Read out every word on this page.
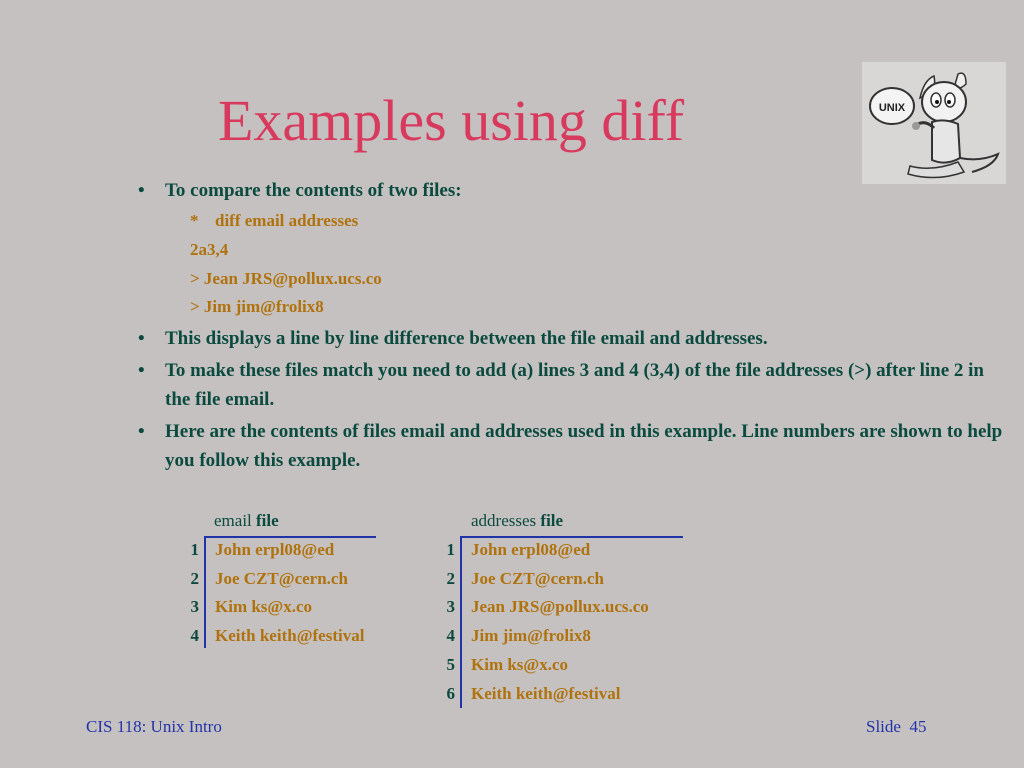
Examples using diff	UNIX
• To compare the contents of two files:
* diff email addresses
2a3,4
> Jean JRS@pollux.ucs.co
> Jim jim@frolix8
• This displays a line by line difference between the file email and addresses.
• To make these files match you need to add (a) lines 3 and 4 (3,4) of the file addresses (>) after line 2 in the file email.
• Here are the contents of files email and addresses used in this example. Line numbers are shown to help you follow this example.
email file
1 John erpl08@ed
2 Joe CZT@cern.ch
3 Kim ks@x.co
4 Keith keith@festival
addresses file
1 John erpl08@ed
2 Joe CZT@cern.ch
3 Jean JRS@pollux.ucs.co
4 Jim jim@frolix8
5 Kim ks@x.co
6 Keith keith@festival
CIS 118: Unix Intro	Slide 45
